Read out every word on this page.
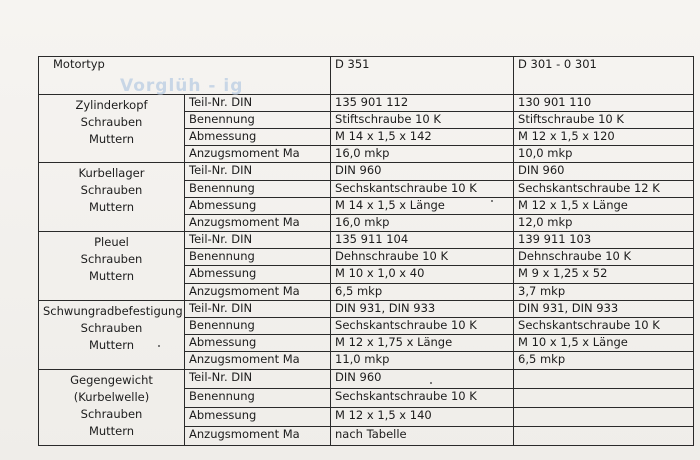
Motortyp		D 351	D 301 - 0 301

Zylinderkopf
Schrauben
Muttern	Teil-Nr. DIN	135 901 112	130 901 110
	Benennung	Stiftschraube 10 K	Stiftschraube 10 K
	Abmessung	M 14 x 1,5 x 142	M 12 x 1,5 x 120
	Anzugsmoment Ma	16,0 mkp	10,0 mkp

Kurbellager
Schrauben
Muttern	Teil-Nr. DIN	DIN 960	DIN 960
	Benennung	Sechskantschraube 10 K	Sechskantschraube 12 K
	Abmessung	M 14 x 1,5 x Länge	M 12 x 1,5 x Länge
	Anzugsmoment Ma	16,0 mkp	12,0 mkp

Pleuel
Schrauben
Muttern	Teil-Nr. DIN	135 911 104	139 911 103
	Benennung	Dehnschraube 10 K	Dehnschraube 10 K
	Abmessung	M 10 x 1,0 x 40	M 9 x 1,25 x 52
	Anzugsmoment Ma	6,5 mkp	3,7 mkp

Schwungradbefestigung
Schrauben
Muttern	Teil-Nr. DIN	DIN 931, DIN 933	DIN 931, DIN 933
	Benennung	Sechskantschraube 10 K	Sechskantschraube 10 K
	Abmessung	M 12 x 1,75 x Länge	M 10 x 1,5 x Länge
	Anzugsmoment Ma	11,0 mkp	6,5 mkp

Gegengewicht
(Kurbelwelle)
Schrauben
Muttern	Teil-Nr. DIN	DIN 960	
	Benennung	Sechskantschraube 10 K	
	Abmessung	M 12 x 1,5 x 140	
	Anzugsmoment Ma	nach Tabelle	
Vorglüh - ig
